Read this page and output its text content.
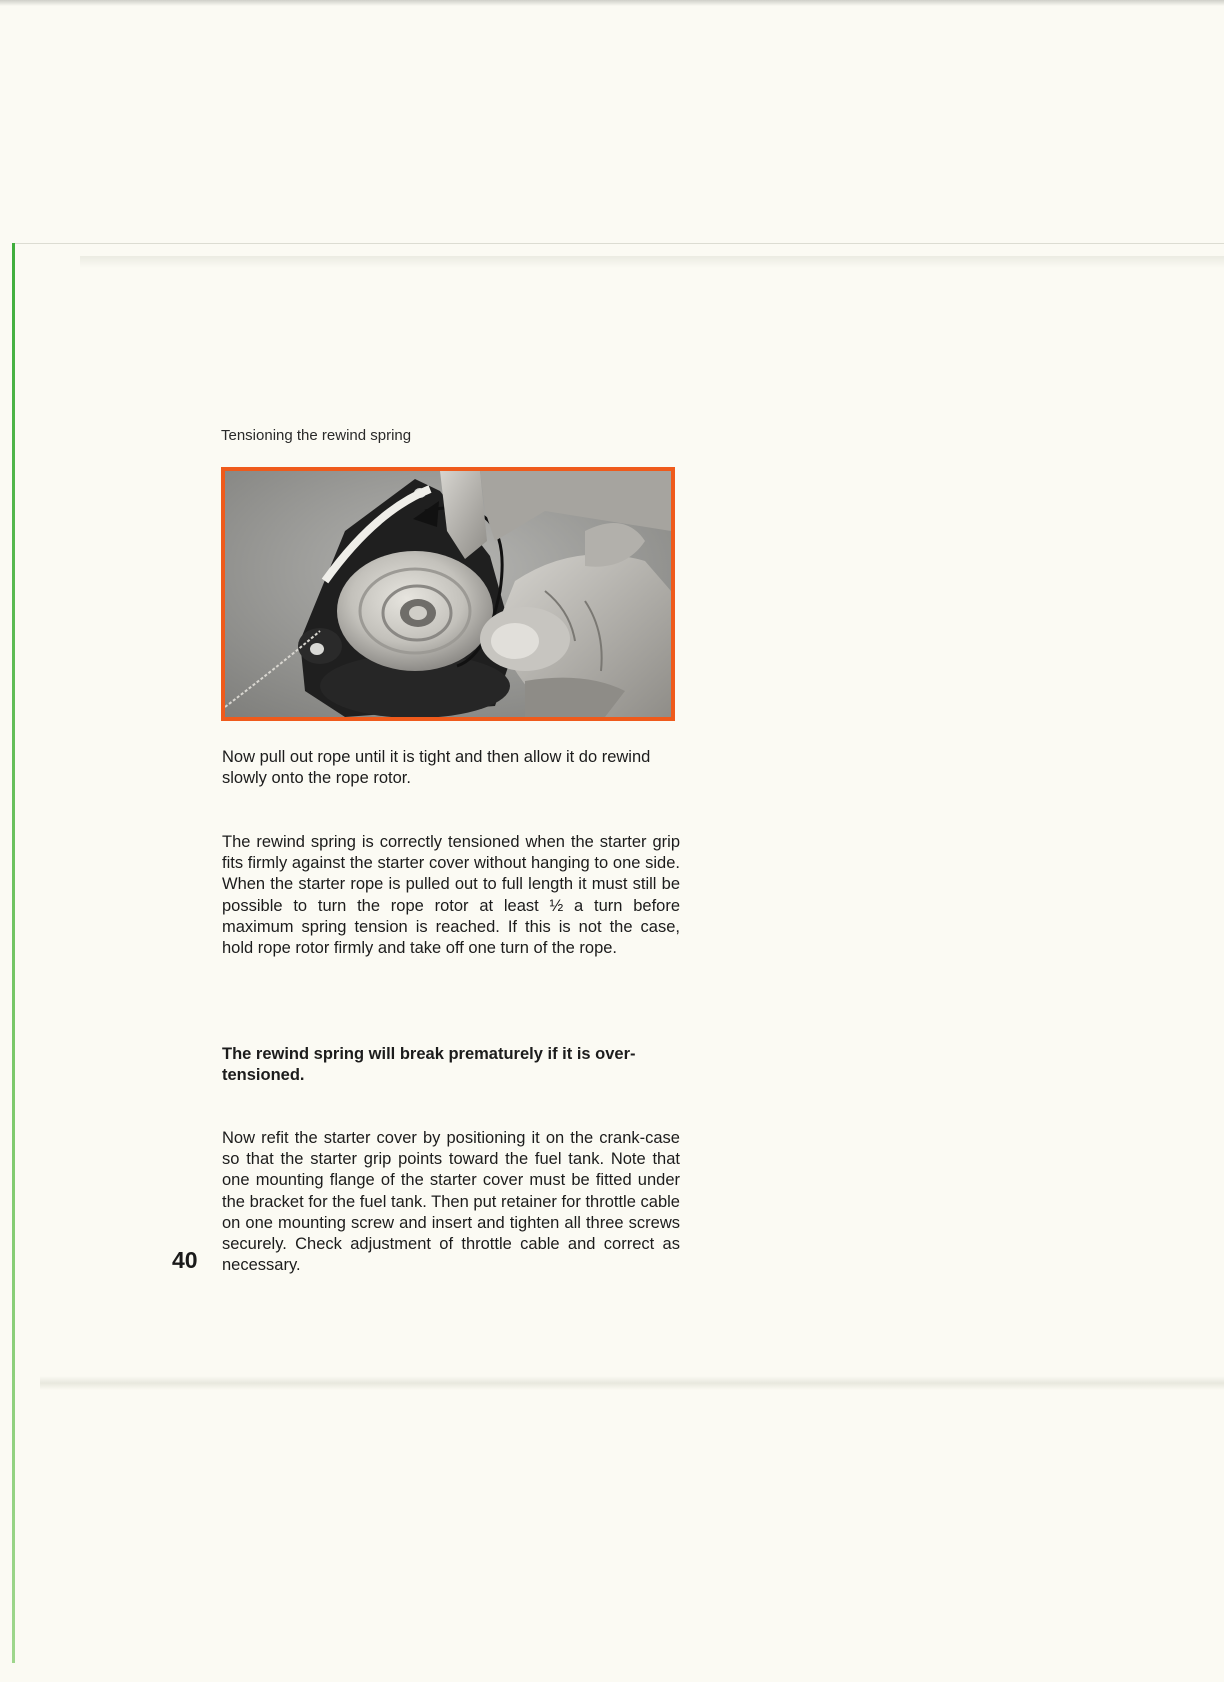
Tensioning the rewind spring
Now pull out rope until it is tight and then allow it do rewind slowly onto the rope rotor.
The rewind spring is correctly tensioned when the starter grip fits firmly against the starter cover without hanging to one side. When the starter rope is pulled out to full length it must still be possible to turn the rope rotor at least ½ a turn before maximum spring tension is reached. If this is not the case, hold rope rotor firmly and take off one turn of the rope.
The rewind spring will break prematurely if it is over-tensioned.
Now refit the starter cover by positioning it on the crank-case so that the starter grip points toward the fuel tank. Note that one mounting flange of the starter cover must be fitted under the bracket for the fuel tank. Then put retainer for throttle cable on one mounting screw and insert and tighten all three screws securely. Check adjustment of throttle cable and correct as necessary.
40
